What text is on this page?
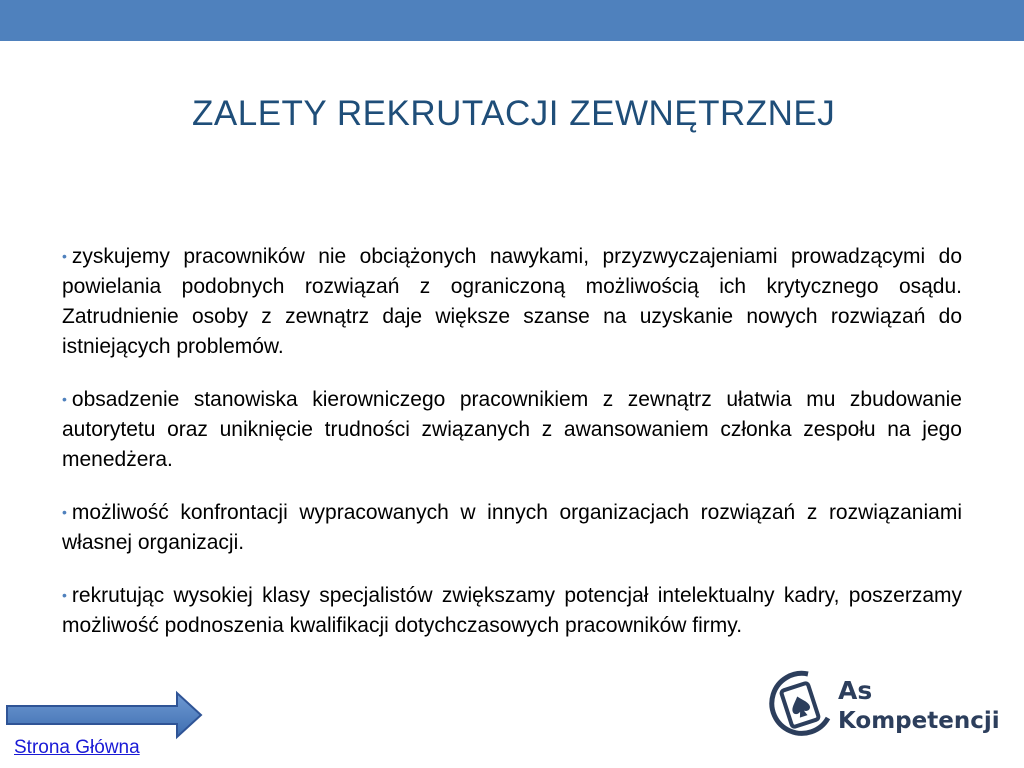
ZALETY REKRUTACJI ZEWNĘTRZNEJ
• zyskujemy pracowników nie obciążonych nawykami, przyzwyczajeniami prowadzącymi do powielania podobnych rozwiązań z ograniczoną możliwością ich krytycznego osądu. Zatrudnienie osoby z zewnątrz daje większe szanse na uzyskanie nowych rozwiązań do istniejących problemów.
• obsadzenie stanowiska kierowniczego pracownikiem z zewnątrz ułatwia mu zbudowanie autorytetu oraz uniknięcie trudności związanych z awansowaniem członka zespołu na jego menedżera.
• możliwość konfrontacji wypracowanych w innych organizacjach rozwiązań z rozwiązaniami własnej organizacji.
• rekrutując wysokiej klasy specjalistów zwiększamy potencjał intelektualny kadry, poszerzamy możliwość podnoszenia kwalifikacji dotychczasowych pracowników firmy.
Strona Główna
As
Kompetencji
